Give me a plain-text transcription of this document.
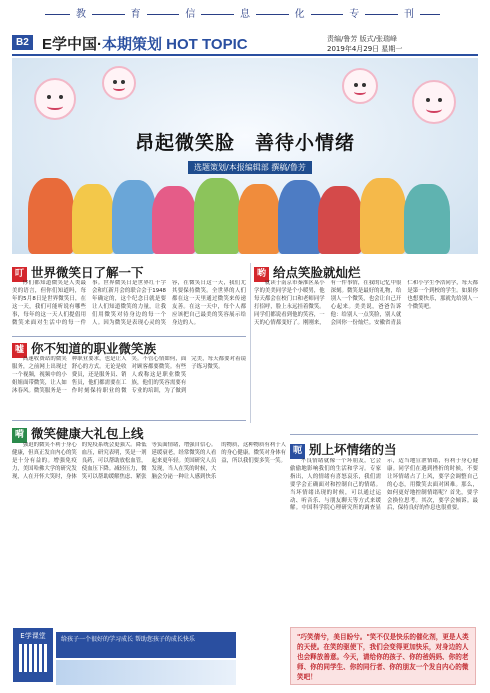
教	育	信	息	化	专	刊
B2 E学中国·本期策划 HOT TOPIC	责编/鲁芳 版式/张瑞峰
2019年4月29日 星期一
昂起微笑脸　善待小情绪
选题策划/本报编辑部 撰稿/鲁芳
叮 世界微笑日了解一下

你们都知道微笑是人类最美的语言，但你们知道吗，每年的5月8日是世界微笑日，在这一天，我们可能听说有哪些事，每年的这一天人们提倡用微笑来面对生活中的每一件事。世界微笑日是世界红十字会和红新月会的联合会于1948年确定的，这个纪念日就是要让人们知道微笑的力量，让我们用微笑对待身边的每一个人。因为微笑是表现心灵的笑容，在微笑日这一天，我们尤其要保持微笑。全世界的人们都在这一天里通过微笑来传递友善。在这一天中，每个人都应该把自己最美的笑容展示给身边的人。

嘘 你不知道的职业微笑族

高速收费站的微笑服务，之前网上出现过一个视频，视频中的小姐姐面带微笑，让人如沐春风。微笑服务是一种职业要求，也是让人舒心的方式。无论是收费员，还是服务员、销售员，他们都需要在工作时刻保持职业的微笑。不管心情如何，面对顾客都要微笑。有些人戏称这是职业微笑族，他们的笑容需要有专业的培训，为了做到完美，每天都要对着镜子练习微笑。

嗬 微笑健康大礼包上线

强迫的微笑不利于身心健康，但真正发自内心的笑是十分有益的。增强免疫力，美国哈佛大学的研究发现，人在开怀大笑时，身体的免疫系统会更强大。降低血压，研究表明，笑是一剂良药，可以帮助放松血管，使血压下降。减轻压力，微笑可以帮助缓解焦虑、紧张等负面情绪，增强自信心。延缓衰老，经常微笑的人看起来更年轻。美国研究人员发现，当人在笑的时候，大脑会分泌一种让人感到快乐的物质，这种物质有利于人的身心健康。微笑对身体有益，所以我们要多笑一笑。

哟 给点笑脸就灿烂

就读于南京市秦淮区某小学的美美同学是个小暖男，他每天都会在校门口和老师同学打招呼，脸上永远挂着微笑。同学们都说看到他的笑容，一天的心情都变好了。刚刚来，有一件事情，在我的记忆中很深刻。微笑是最好的礼物，给别人一个微笑，也会让自己开心起来。美美说，爸爸告诉他：给别人一点笑脸，别人就会回你一份灿烂。安徽省青县仁和小学生李浩同学，每天都是第一个到校的学生。如果你也想要快乐，那就先给别人一个微笑吧。

呃 别上坏情绪的当

不良情绪就像一个坏朋友，它会偷偷地影响我们的生活和学习。专家指出，人的情绪有喜怒哀乐，我们需要学会正确面对和控制自己的情绪。当坏情绪出现的时候，可以通过运动、听音乐、与朋友聊天等方式来缓解。中国科学院心理研究所的调查显示，适当地宣泄情绪，有利于身心健康。同学们在遇到挫折的时候，不要让坏情绪占了上风，要学会调整自己的心态，用微笑去面对困难。那么，如何更好地控制情绪呢？首先，要学会换位思考。其次，要学会倾诉。最后，保持良好的作息也很重要。

E学课堂	给孩子一个很好的学习成长 帮助您孩子的成长快乐	"巧笑倩兮，美目盼兮。"笑不仅是快乐的催化剂，更是人类的天使。在笑的驱使下，我们会变得更加快乐，对身边的人也会释放善意。今天，请给你的孩子、你的爸妈妈、你的老师、你的同学生、你的同行者、你的朋友一个发自内心的微笑吧！
